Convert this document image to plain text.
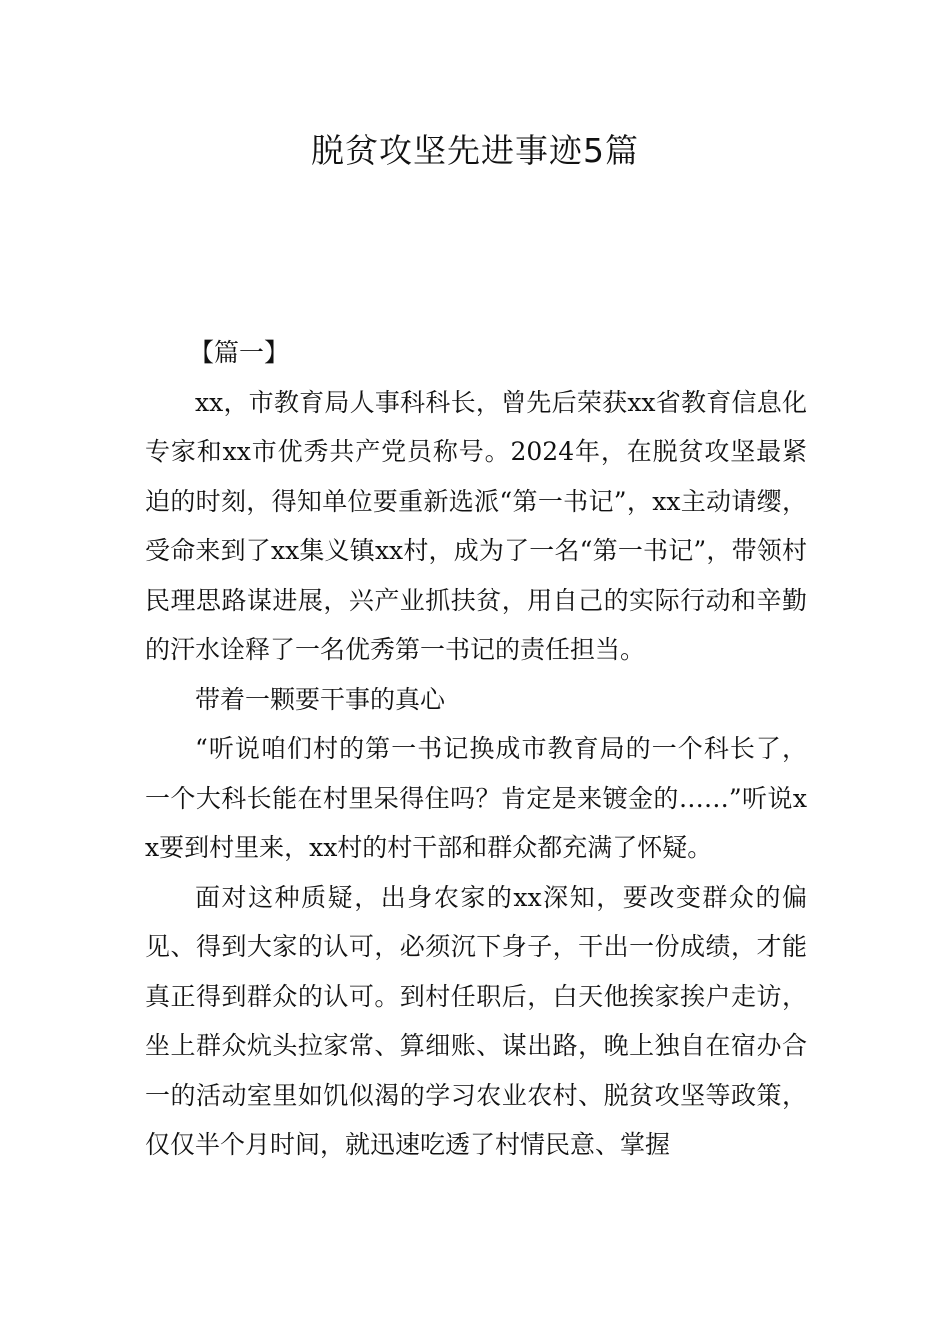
脱贫攻坚先进事迹5篇

【篇一】

xx，市教育局人事科科长，曾先后荣获xx省教育信息化专家和xx市优秀共产党员称号。2024年，在脱贫攻坚最紧迫的时刻，得知单位要重新选派“第一书记”，xx主动请缨，受命来到了xx集义镇xx村，成为了一名“第一书记”，带领村民理思路谋进展，兴产业抓扶贫，用自己的实际行动和辛勤的汗水诠释了一名优秀第一书记的责任担当。

带着一颗要干事的真心

“听说咱们村的第一书记换成市教育局的一个科长了，一个大科长能在村里呆得住吗？肯定是来镀金的……”听说xx要到村里来，xx村的村干部和群众都充满了怀疑。

面对这种质疑，出身农家的xx深知，要改变群众的偏见、得到大家的认可，必须沉下身子，干出一份成绩，才能真正得到群众的认可。到村任职后，白天他挨家挨户走访，坐上群众炕头拉家常、算细账、谋出路，晚上独自在宿办合一的活动室里如饥似渴的学习农业农村、脱贫攻坚等政策，仅仅半个月时间，就迅速吃透了村情民意、掌握
